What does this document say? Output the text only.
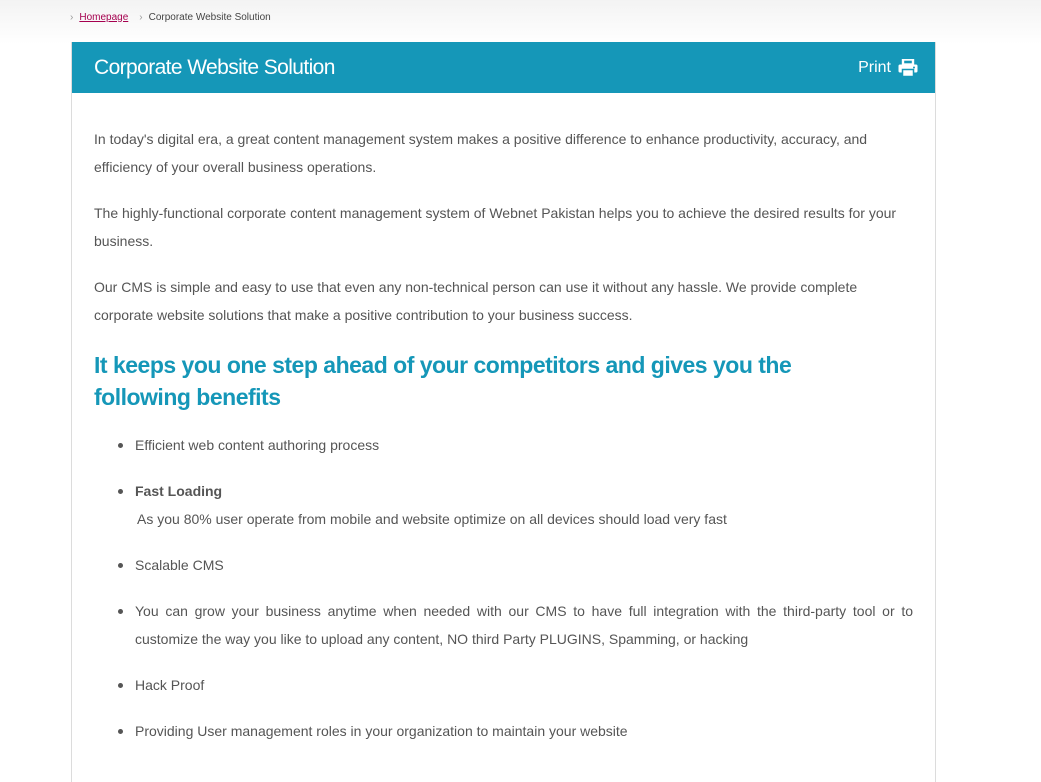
› Homepage › Corporate Website Solution
Corporate Website Solution	Print

In today's digital era, a great content management system makes a positive difference to enhance productivity, accuracy, and efficiency of your overall business operations.

The highly-functional corporate content management system of Webnet Pakistan helps you to achieve the desired results for your business.

Our CMS is simple and easy to use that even any non-technical person can use it without any hassle. We provide complete corporate website solutions that make a positive contribution to your business success.

It keeps you one step ahead of your competitors and gives you the following benefits
Efficient web content authoring process
Fast Loading
As you 80% user operate from mobile and website optimize on all devices should load very fast
Scalable CMS
You can grow your business anytime when needed with our CMS to have full integration with the third-party tool or to customize the way you like to upload any content, NO third Party PLUGINS, Spamming, or hacking
Hack Proof
Providing User management roles in your organization to maintain your website
